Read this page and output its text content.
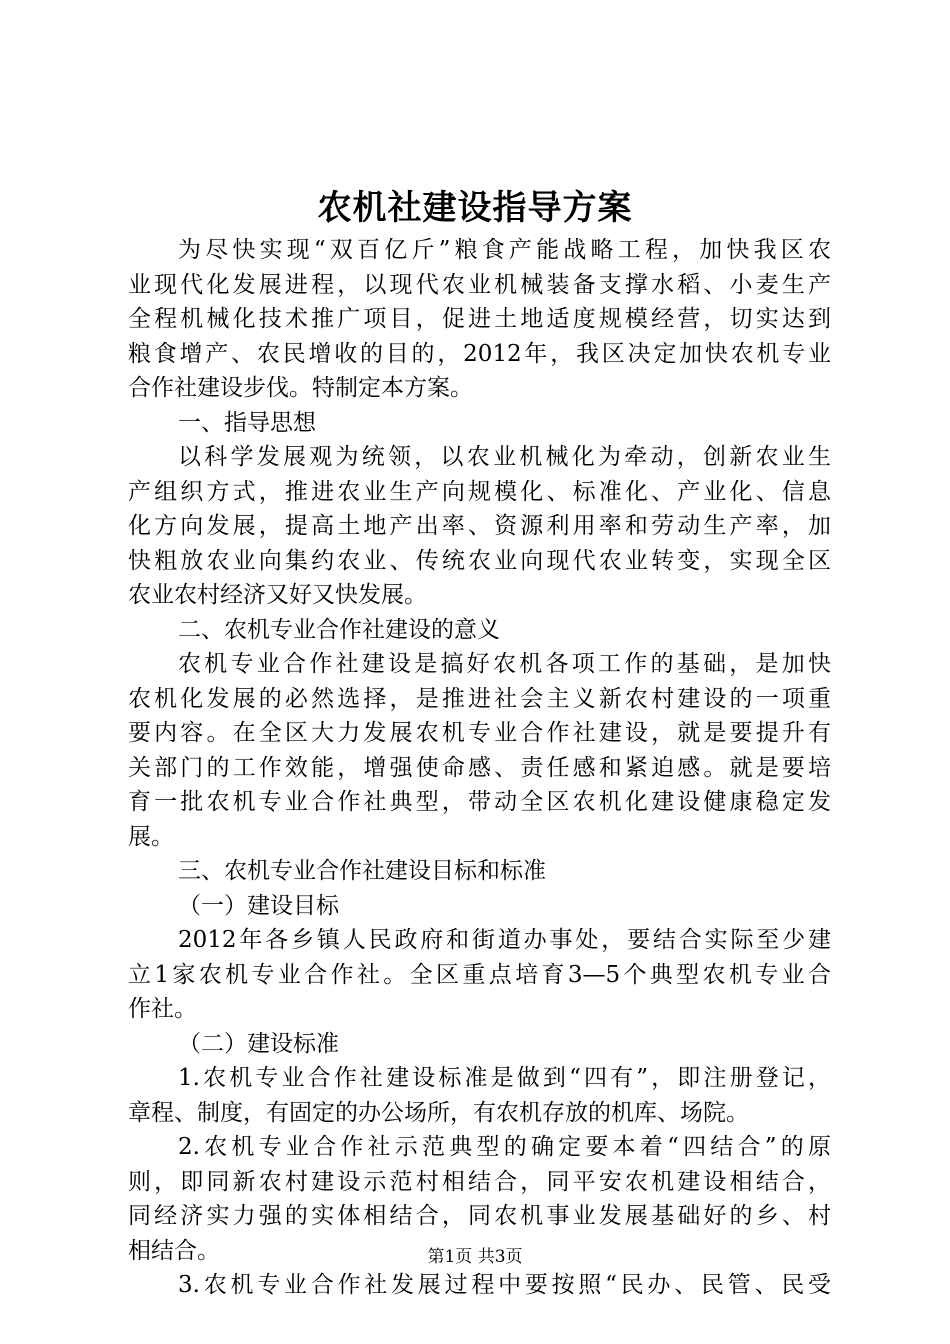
农机社建设指导方案
为尽快实现“双百亿斤”粮食产能战略工程，加快我区农
业现代化发展进程，以现代农业机械装备支撑水稻、小麦生产
全程机械化技术推广项目，促进土地适度规模经营，切实达到
粮食增产、农民增收的目的，2012年，我区决定加快农机专业
合作社建设步伐。特制定本方案。
一、指导思想
以科学发展观为统领，以农业机械化为牵动，创新农业生
产组织方式，推进农业生产向规模化、标准化、产业化、信息
化方向发展，提高土地产出率、资源利用率和劳动生产率，加
快粗放农业向集约农业、传统农业向现代农业转变，实现全区
农业农村经济又好又快发展。
二、农机专业合作社建设的意义
农机专业合作社建设是搞好农机各项工作的基础，是加快
农机化发展的必然选择，是推进社会主义新农村建设的一项重
要内容。在全区大力发展农机专业合作社建设，就是要提升有
关部门的工作效能，增强使命感、责任感和紧迫感。就是要培
育一批农机专业合作社典型，带动全区农机化建设健康稳定发
展。
三、农机专业合作社建设目标和标准
（一）建设目标
2012年各乡镇人民政府和街道办事处，要结合实际至少建
立1家农机专业合作社。全区重点培育3—5个典型农机专业合
作社。
（二）建设标准
1.农机专业合作社建设标准是做到“四有”，即注册登记，
章程、制度，有固定的办公场所，有农机存放的机库、场院。
2.农机专业合作社示范典型的确定要本着“四结合”的原
则，即同新农村建设示范村相结合，同平安农机建设相结合，
同经济实力强的实体相结合，同农机事业发展基础好的乡、村
相结合。
3.农机专业合作社发展过程中要按照“民办、民管、民受
第1页 共3页
